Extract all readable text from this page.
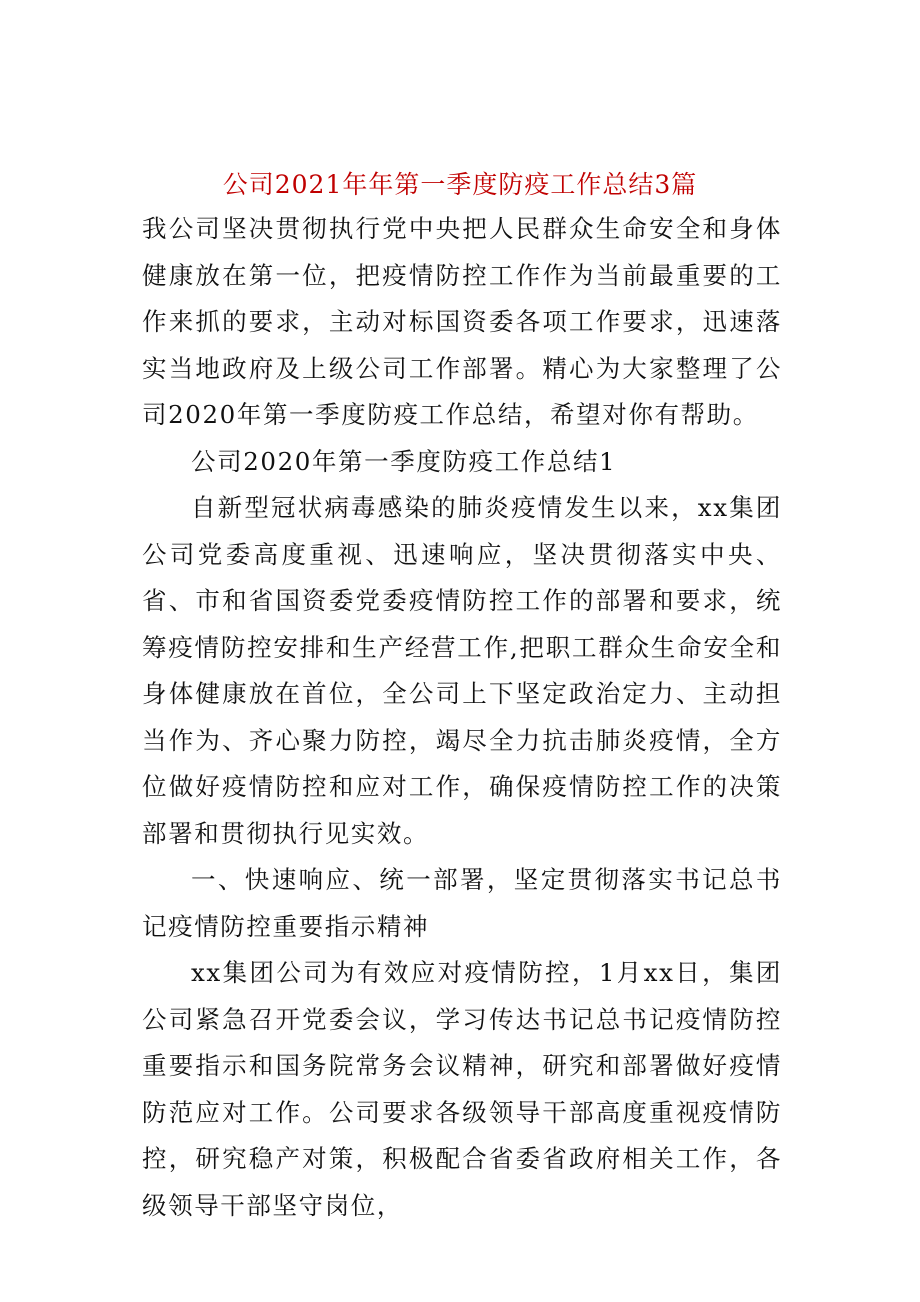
公司2021年年第一季度防疫工作总结3篇

我公司坚决贯彻执行党中央把人民群众生命安全和身体健康放在第一位，把疫情防控工作作为当前最重要的工作来抓的要求，主动对标国资委各项工作要求，迅速落实当地政府及上级公司工作部署。精心为大家整理了公司2020年第一季度防疫工作总结，希望对你有帮助。

公司2020年第一季度防疫工作总结1

自新型冠状病毒感染的肺炎疫情发生以来，xx集团公司党委高度重视、迅速响应，坚决贯彻落实中央、省、市和省国资委党委疫情防控工作的部署和要求，统筹疫情防控安排和生产经营工作,把职工群众生命安全和身体健康放在首位，全公司上下坚定政治定力、主动担当作为、齐心聚力防控，竭尽全力抗击肺炎疫情，全方位做好疫情防控和应对工作，确保疫情防控工作的决策部署和贯彻执行见实效。

一、快速响应、统一部署，坚定贯彻落实书记总书记疫情防控重要指示精神

xx集团公司为有效应对疫情防控，1月xx日，集团公司紧急召开党委会议，学习传达书记总书记疫情防控重要指示和国务院常务会议精神，研究和部署做好疫情防范应对工作。公司要求各级领导干部高度重视疫情防控，研究稳产对策，积极配合省委省政府相关工作，各级领导干部坚守岗位，
